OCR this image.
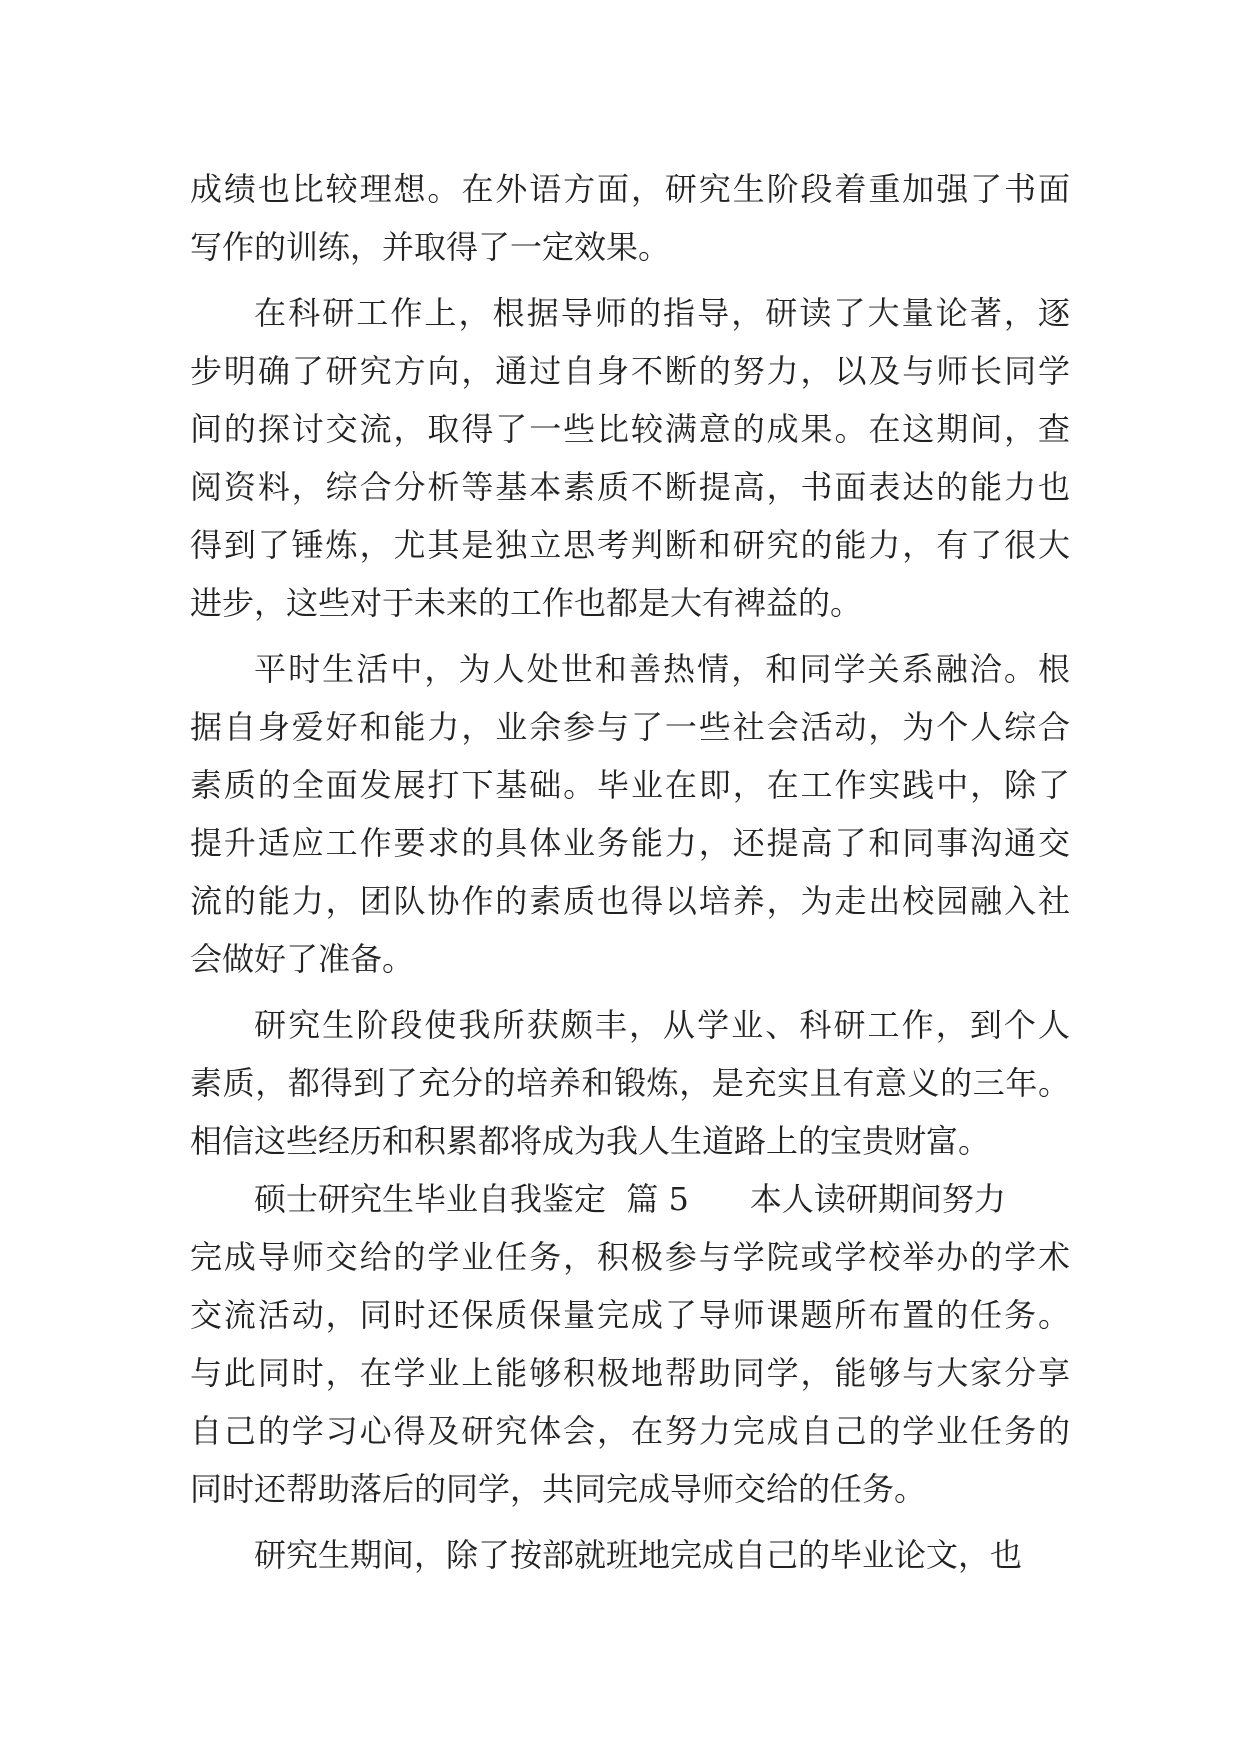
成绩也比较理想。在外语方面，研究生阶段着重加强了书面
写作的训练，并取得了一定效果。
在科研工作上，根据导师的指导，研读了大量论著，逐
步明确了研究方向，通过自身不断的努力，以及与师长同学
间的探讨交流，取得了一些比较满意的成果。在这期间，查
阅资料，综合分析等基本素质不断提高，书面表达的能力也
得到了锤炼，尤其是独立思考判断和研究的能力，有了很大
进步，这些对于未来的工作也都是大有裨益的。
平时生活中，为人处世和善热情，和同学关系融洽。根
据自身爱好和能力，业余参与了一些社会活动，为个人综合
素质的全面发展打下基础。毕业在即，在工作实践中，除了
提升适应工作要求的具体业务能力，还提高了和同事沟通交
流的能力，团队协作的素质也得以培养，为走出校园融入社
会做好了准备。
研究生阶段使我所获颇丰，从学业、科研工作，到个人
素质，都得到了充分的培养和锻炼，是充实且有意义的三年。
相信这些经历和积累都将成为我人生道路上的宝贵财富。
硕士研究生毕业自我鉴定  篇 5      本人读研期间努力
完成导师交给的学业任务，积极参与学院或学校举办的学术
交流活动，同时还保质保量完成了导师课题所布置的任务。
与此同时，在学业上能够积极地帮助同学，能够与大家分享
自己的学习心得及研究体会，在努力完成自己的学业任务的
同时还帮助落后的同学，共同完成导师交给的任务。
研究生期间，除了按部就班地完成自己的毕业论文，也
